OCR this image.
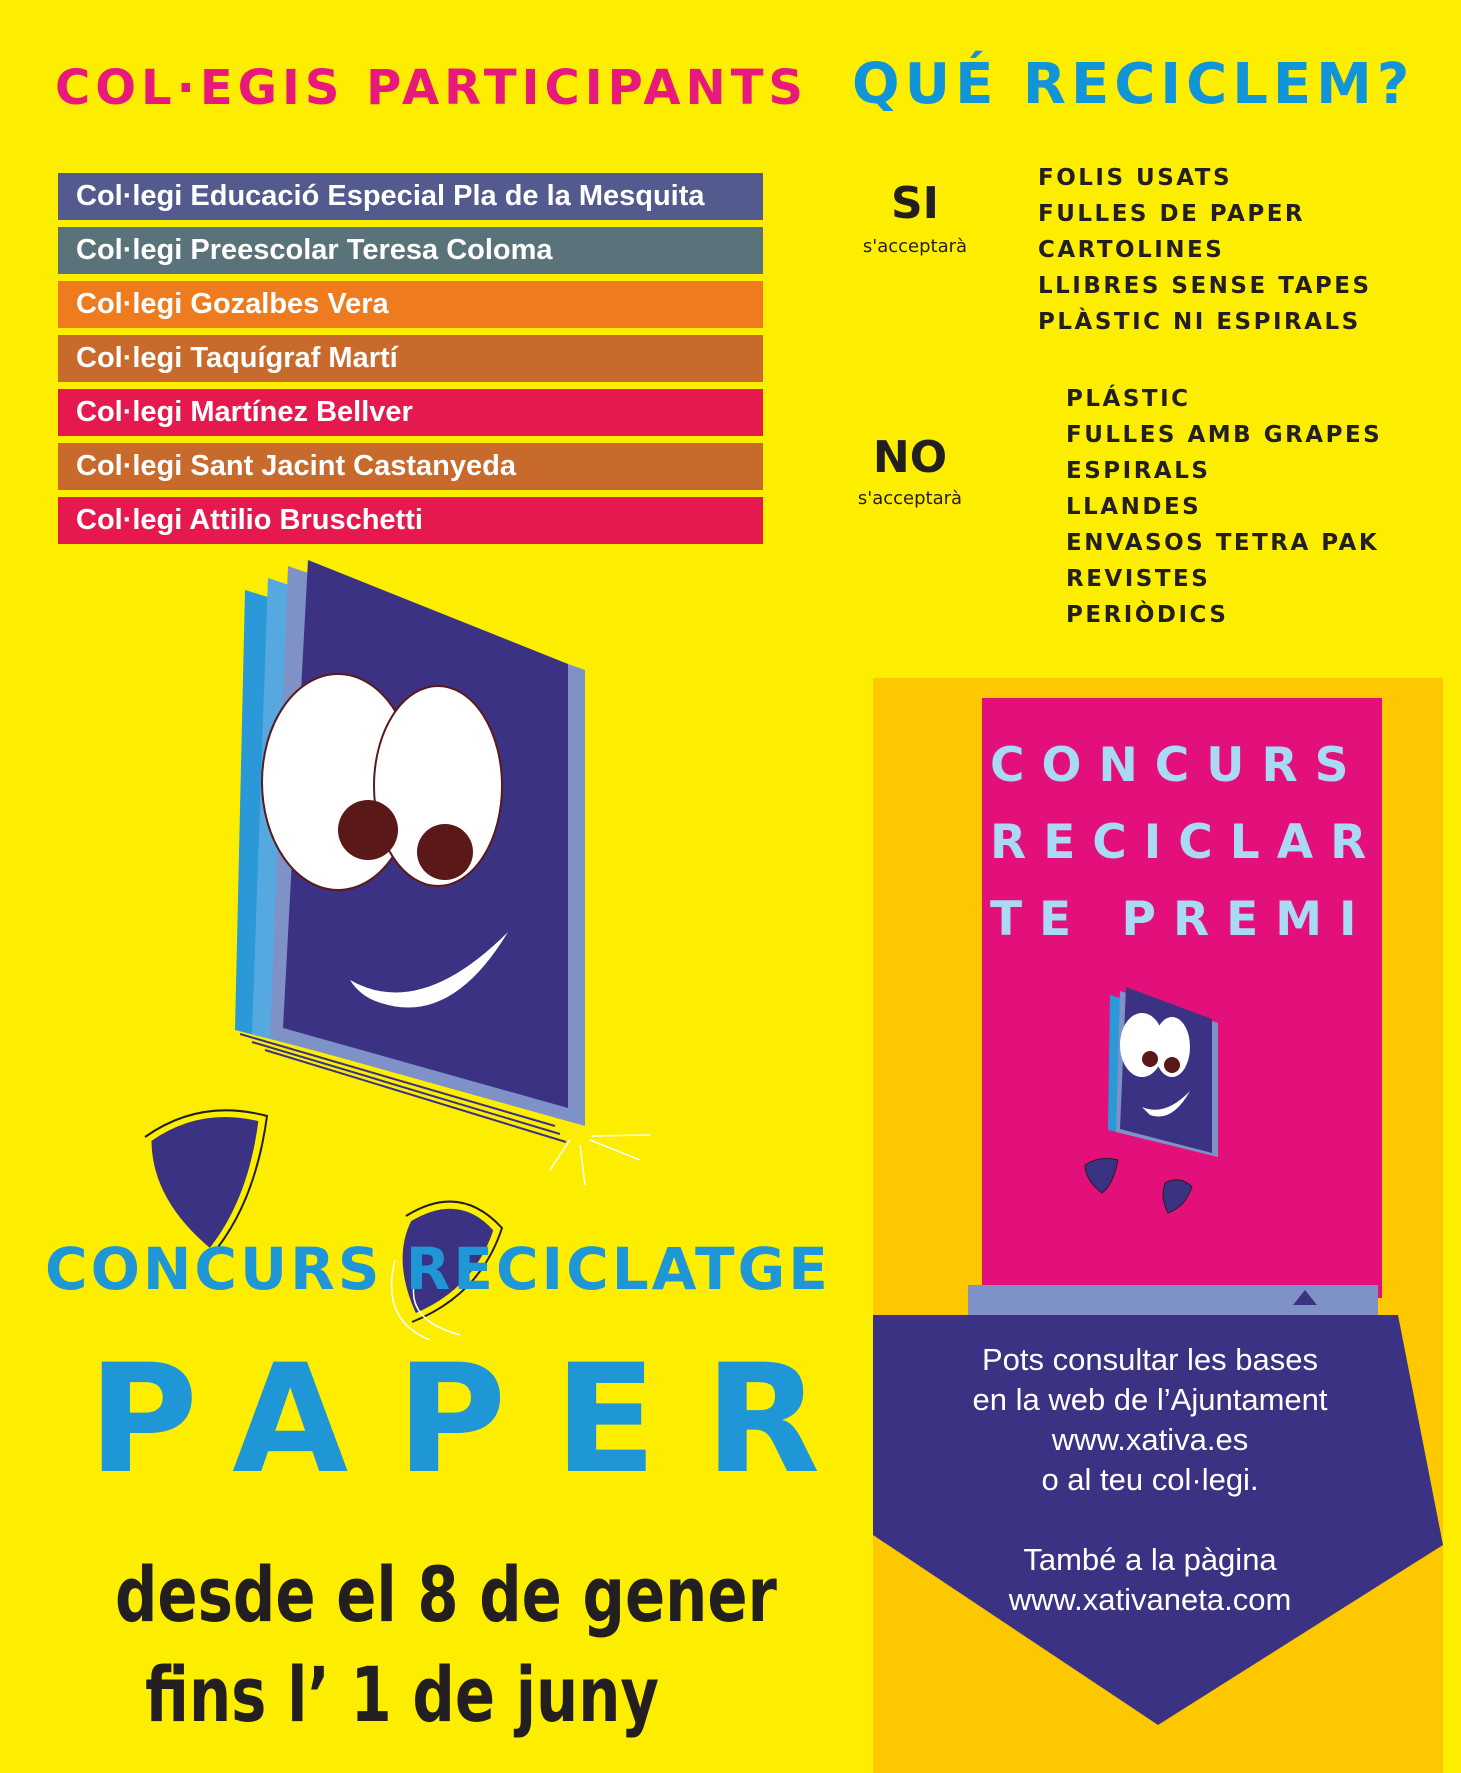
COL·EGIS PARTICIPANTS QUÉ RECICLEM?
Col·legi Educació Especial Pla de la Mesquita
Col·legi Preescolar Teresa Coloma
Col·legi Gozalbes Vera
Col·legi Taquígraf Martí
Col·legi Martínez Bellver
Col·legi Sant Jacint Castanyeda
Col·legi Attilio Bruschetti
SI
s'acceptarà
FOLIS USATS
FULLES DE PAPER
CARTOLINES
LLIBRES SENSE TAPES
PLÀSTIC NI ESPIRALS
NO
s'acceptarà
PLÁSTIC
FULLES AMB GRAPES
ESPIRALS
LLANDES
ENVASOS TETRA PAK
REVISTES
PERIÒDICS
CONCURS
RECICLAR
TE PREMI

Pots consultar les bases

en la web de l’Ajuntament

www.xativa.es

o al teu col·legi.

També a la pàgina

www.xativaneta.com

CONCURS RECICLATGE
PAPER
desde el 8 de gener
fins l’ 1 de juny
